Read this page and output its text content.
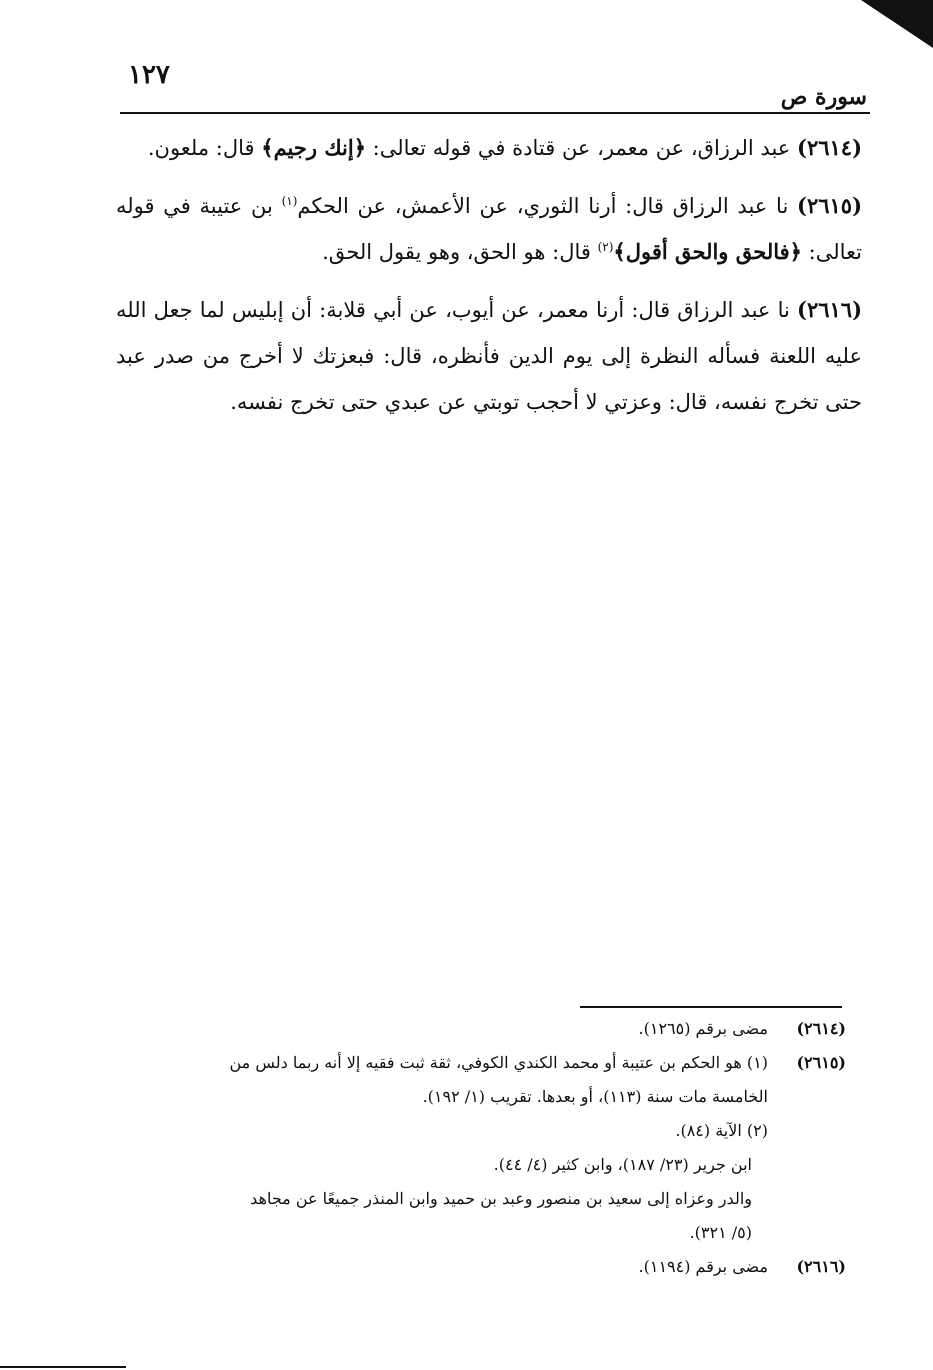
١٢٧
سورة ص

(٢٦١٤) عبد الرزاق، عن معمر، عن قتادة في قوله تعالى: ﴿إنك رجيم﴾ قال: ملعون.

(٢٦١٥) نا عبد الرزاق قال: أرنا الثوري، عن الأعمش، عن الحكم$^{(١)}$ بن عتيبة في قوله تعالى: ﴿فالحق والحق أقول﴾$^{(٢)}$ قال: هو الحق، وهو يقول الحق.

(٢٦١٦) نا عبد الرزاق قال: أرنا معمر، عن أيوب، عن أبي قلابة: أن إبليس لما جعل الله عليه اللعنة فسأله النظرة إلى يوم الدين فأنظره، قال: فبعزتك لا أخرج من صدر عبد حتى تخرج نفسه، قال: وعزتي لا أحجب توبتي عن عبدي حتى تخرج نفسه.

(٢٦١٤)
مضى برقم (١٢٦٥).
(٢٦١٥)
(١) هو الحكم بن عتيبة أو محمد الكندي الكوفي، ثقة ثبت فقيه إلا أنه ربما دلس من
الخامسة مات سنة (١١٣)، أو بعدها. تقريب (١/ ١٩٢).
(٢) الآية (٨٤).
ابن جرير (٢٣/ ١٨٧)، وابن كثير (٤/ ٤٤).
والدر وعزاه إلى سعيد بن منصور وعبد بن حميد وابن المنذر جميعًا عن مجاهد
(٥/ ٣٢١).
(٢٦١٦)
مضى برقم (١١٩٤).
